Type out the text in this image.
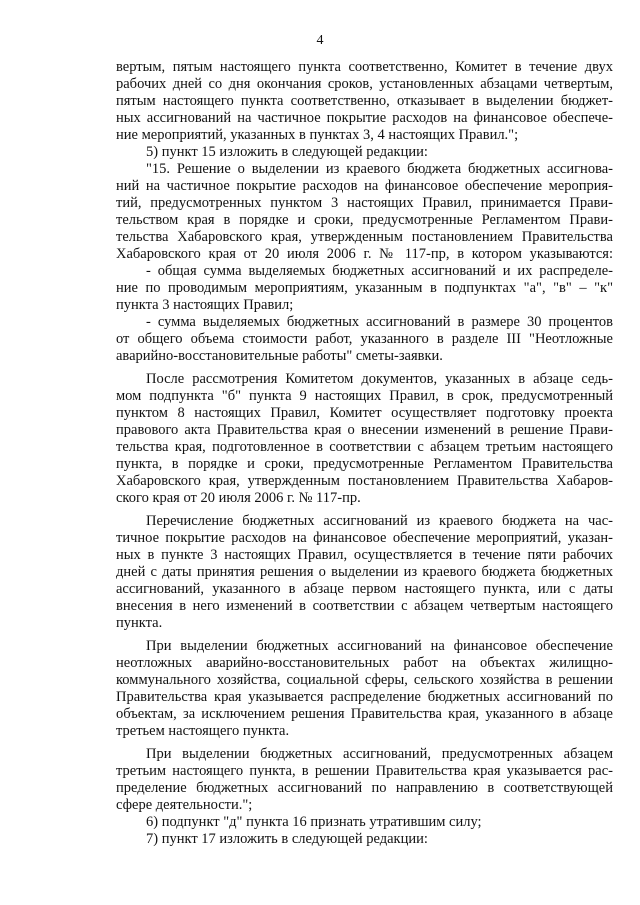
4
вертым, пятым настоящего пункта соответственно, Комитет в течение двух
рабочих дней со дня окончания сроков, установленных абзацами четвертым,
пятым настоящего пункта соответственно, отказывает в выделении бюджет-
ных ассигнований на частичное покрытие расходов на финансовое обеспече-
ние мероприятий, указанных в пунктах 3, 4 настоящих Правил.";
5) пункт 15 изложить в следующей редакции:
"15. Решение о выделении из краевого бюджета бюджетных ассигнова-
ний на частичное покрытие расходов на финансовое обеспечение мероприя-
тий, предусмотренных пунктом 3 настоящих Правил, принимается Прави-
тельством края в порядке и сроки, предусмотренные Регламентом Прави-
тельства Хабаровского края, утвержденным постановлением Правительства
Хабаровского края от 20 июля 2006 г. № 117-пр, в котором указываются:
- общая сумма выделяемых бюджетных ассигнований и их распределе-
ние по проводимым мероприятиям, указанным в подпунктах "а", "в" – "к"
пункта 3 настоящих Правил;
- сумма выделяемых бюджетных ассигнований в размере 30 процентов
от общего объема стоимости работ, указанного в разделе III "Неотложные
аварийно-восстановительные работы" сметы-заявки.
После рассмотрения Комитетом документов, указанных в абзаце седь-
мом подпункта "б" пункта 9 настоящих Правил, в срок, предусмотренный
пунктом 8 настоящих Правил, Комитет осуществляет подготовку проекта
правового акта Правительства края о внесении изменений в решение Прави-
тельства края, подготовленное в соответствии с абзацем третьим настоящего
пункта, в порядке и сроки, предусмотренные Регламентом Правительства
Хабаровского края, утвержденным постановлением Правительства Хабаров-
ского края от 20 июля 2006 г. № 117-пр.
Перечисление бюджетных ассигнований из краевого бюджета на час-
тичное покрытие расходов на финансовое обеспечение мероприятий, указан-
ных в пункте 3 настоящих Правил, осуществляется в течение пяти рабочих
дней с даты принятия решения о выделении из краевого бюджета бюджетных
ассигнований, указанного в абзаце первом настоящего пункта, или с даты
внесения в него изменений в соответствии с абзацем четвертым настоящего
пункта.
При выделении бюджетных ассигнований на финансовое обеспечение
неотложных аварийно-восстановительных работ на объектах жилищно-
коммунального хозяйства, социальной сферы, сельского хозяйства в решении
Правительства края указывается распределение бюджетных ассигнований по
объектам, за исключением решения Правительства края, указанного в абзаце
третьем настоящего пункта.
При выделении бюджетных ассигнований, предусмотренных абзацем
третьим настоящего пункта, в решении Правительства края указывается рас-
пределение бюджетных ассигнований по направлению в соответствующей
сфере деятельности.";
6) подпункт "д" пункта 16 признать утратившим силу;
7) пункт 17 изложить в следующей редакции:
